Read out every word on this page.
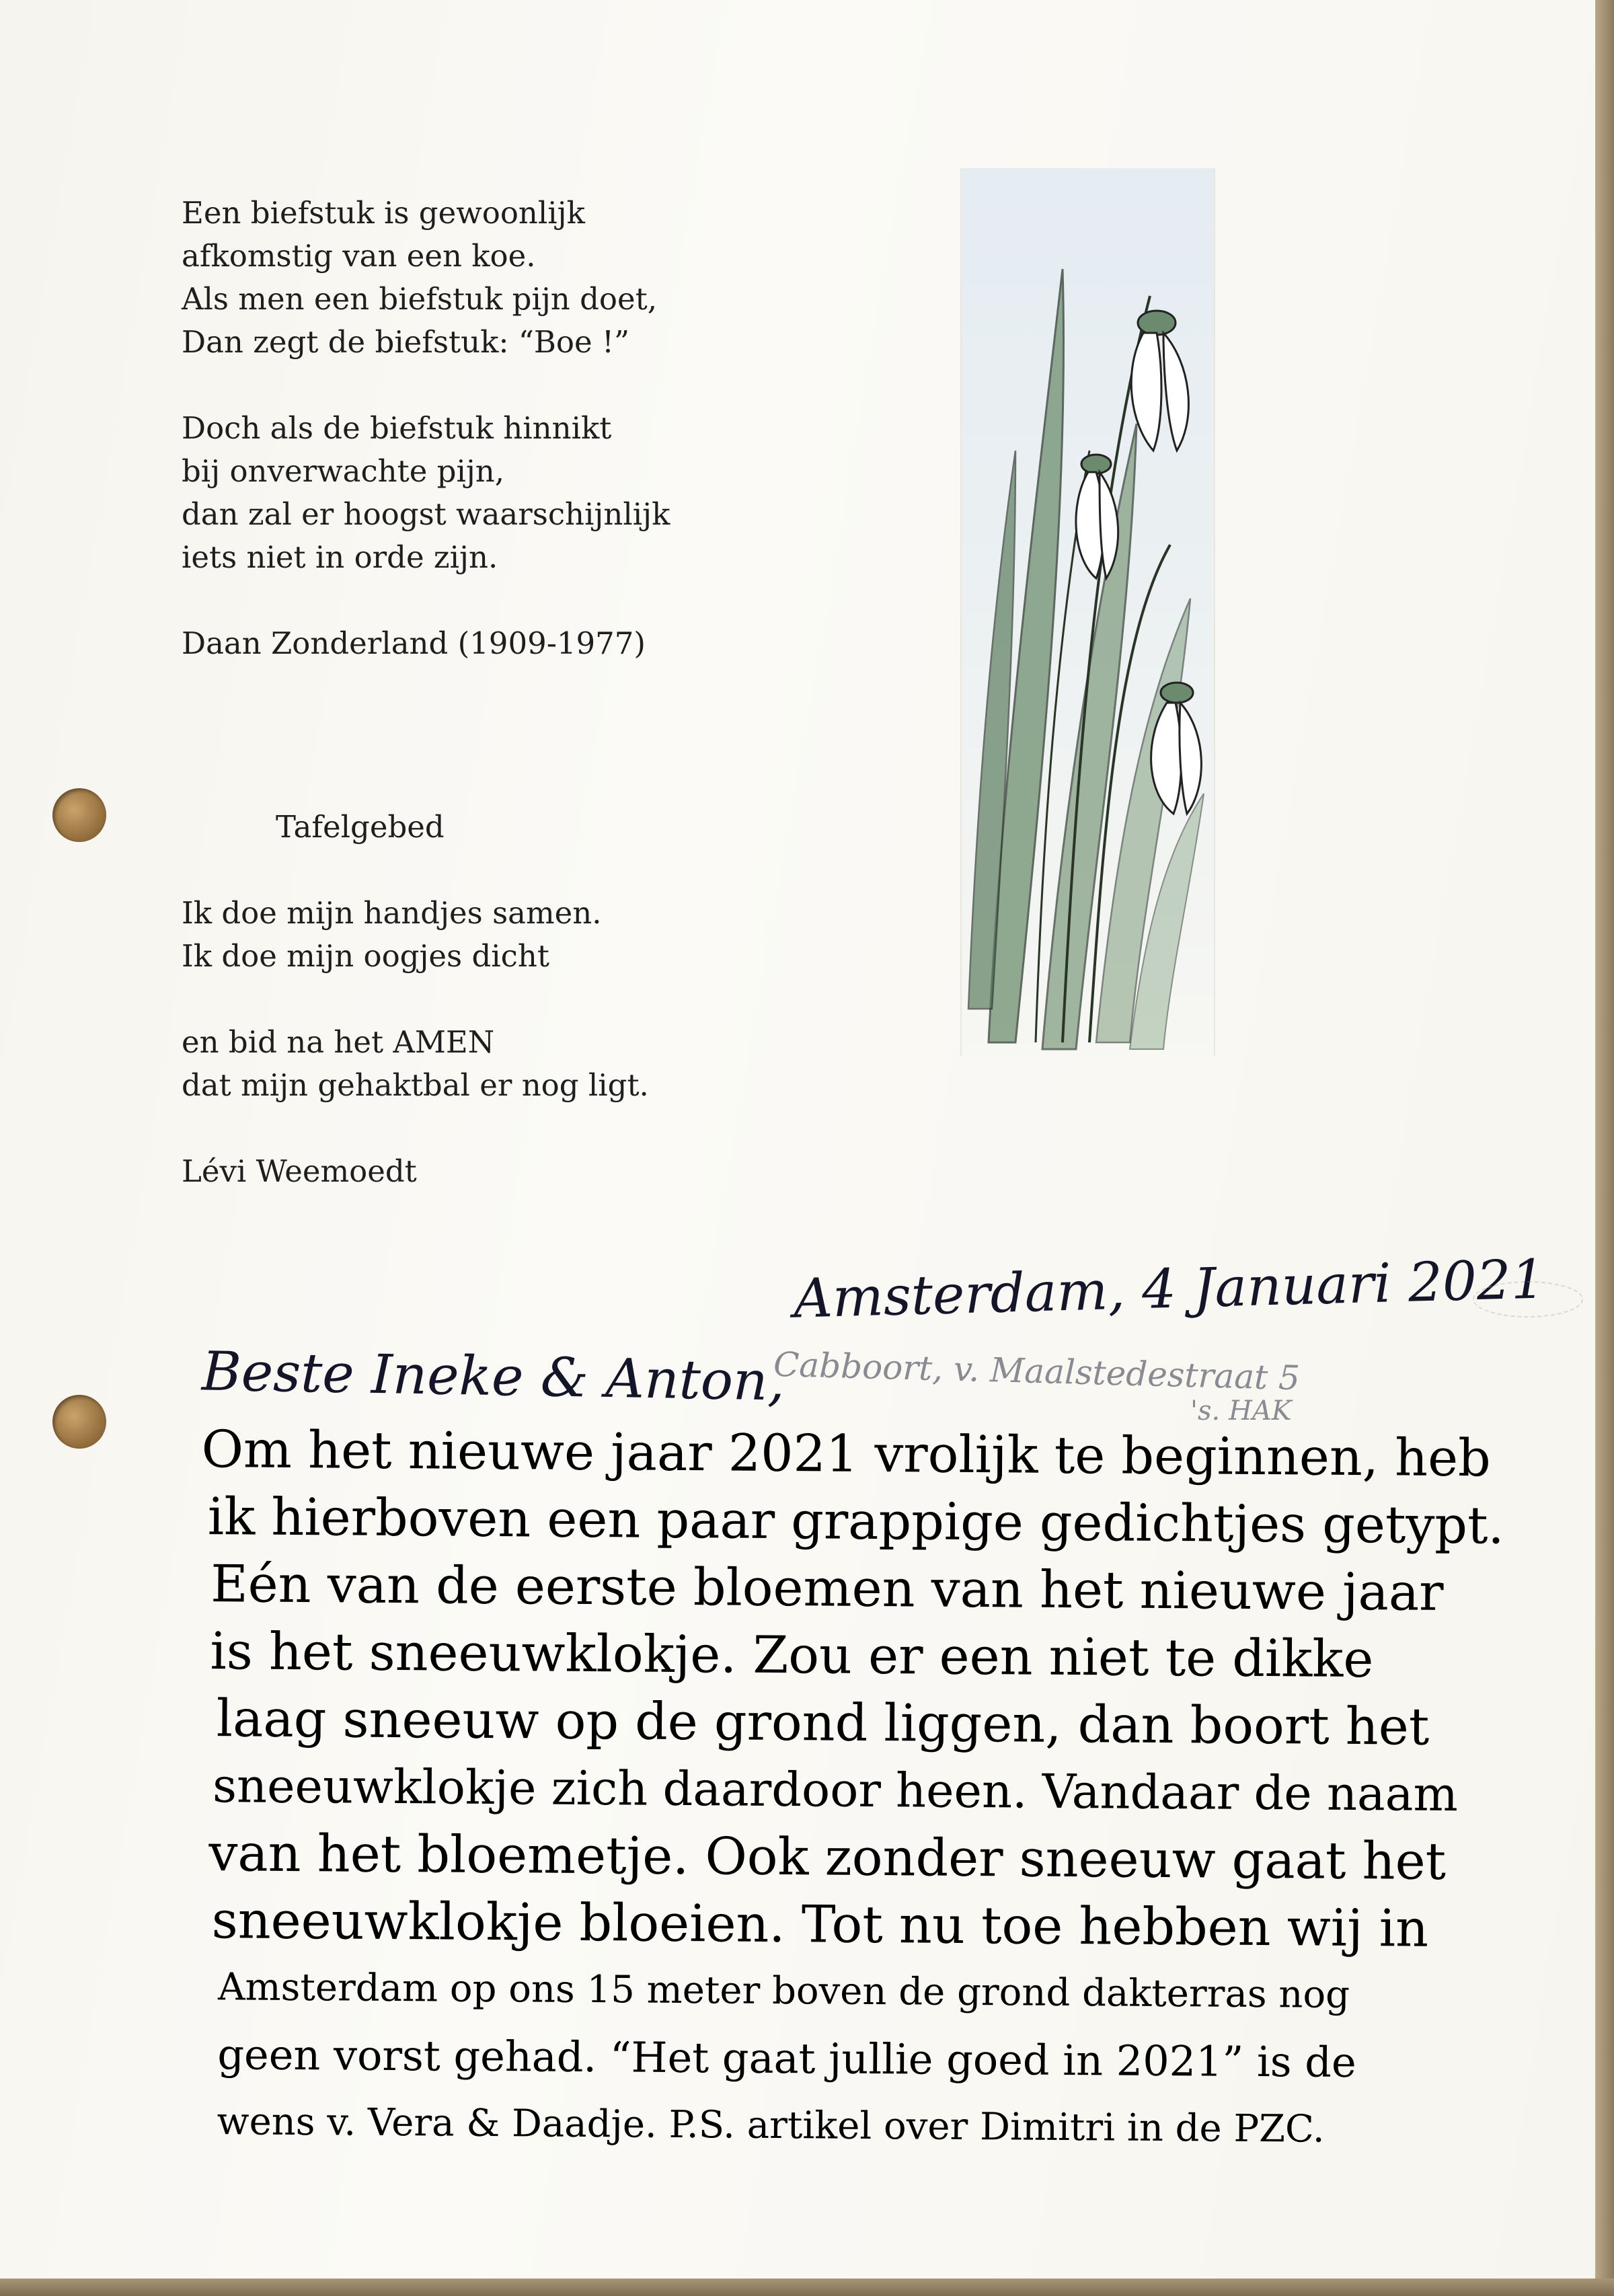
Een biefstuk is gewoonlijk
afkomstig van een koe.
Als men een biefstuk pijn doet,
Dan zegt de biefstuk: “Boe !”
Doch als de biefstuk hinnikt
bij onverwachte pijn,
dan zal er hoogst waarschijnlijk
iets niet in orde zijn.
Daan Zonderland (1909-1977)
Tafelgebed
Ik doe mijn handjes samen.
Ik doe mijn oogjes dicht
en bid na het AMEN
dat mijn gehaktbal er nog ligt.
Lévi Weemoedt
Amsterdam, 4 Januari 2021
Beste Ineke & Anton,
Cabboort, v. Maalstedestraat 5
's. HAK
Om het nieuwe jaar 2021 vrolijk te beginnen, heb
ik hierboven een paar grappige gedichtjes getypt.
Eén van de eerste bloemen van het nieuwe jaar
is het sneeuwklokje. Zou er een niet te dikke
laag sneeuw op de grond liggen, dan boort het
sneeuwklokje zich daardoor heen. Vandaar de naam
van het bloemetje. Ook zonder sneeuw gaat het
sneeuwklokje bloeien. Tot nu toe hebben wij in
Amsterdam op ons 15 meter boven de grond dakterras nog
geen vorst gehad. “Het gaat jullie goed in 2021” is de
wens v. Vera & Daadje. P.S. artikel over Dimitri in de PZC.
